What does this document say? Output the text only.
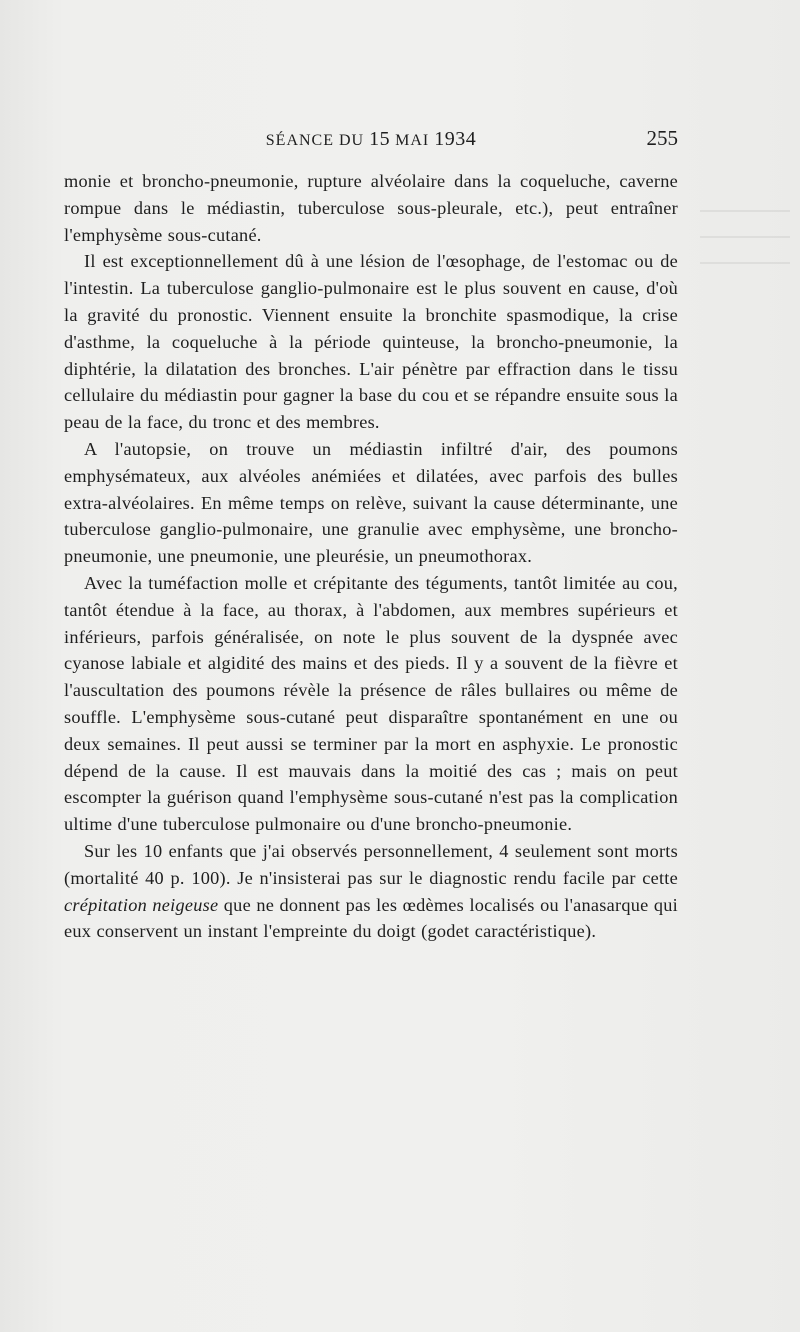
SÉANCE DU 15 MAI 1934	255

monie et broncho-pneumonie, rupture alvéolaire dans la coqueluche, caverne rompue dans le médiastin, tuberculose sous-pleurale, etc.), peut entraîner l'emphysème sous-cutané.

Il est exceptionnellement dû à une lésion de l'œsophage, de l'estomac ou de l'intestin. La tuberculose ganglio-pulmonaire est le plus souvent en cause, d'où la gravité du pronostic. Viennent ensuite la bronchite spasmodique, la crise d'asthme, la coqueluche à la période quinteuse, la broncho-pneumonie, la diphtérie, la dilatation des bronches. L'air pénètre par effraction dans le tissu cellulaire du médiastin pour gagner la base du cou et se répandre ensuite sous la peau de la face, du tronc et des membres.

A l'autopsie, on trouve un médiastin infiltré d'air, des poumons emphysémateux, aux alvéoles anémiées et dilatées, avec parfois des bulles extra-alvéolaires. En même temps on relève, suivant la cause déterminante, une tuberculose ganglio-pulmonaire, une granulie avec emphysème, une broncho-pneumonie, une pneumonie, une pleurésie, un pneumothorax.

Avec la tuméfaction molle et crépitante des téguments, tantôt limitée au cou, tantôt étendue à la face, au thorax, à l'abdomen, aux membres supérieurs et inférieurs, parfois généralisée, on note le plus souvent de la dyspnée avec cyanose labiale et algidité des mains et des pieds. Il y a souvent de la fièvre et l'auscultation des poumons révèle la présence de râles bullaires ou même de souffle. L'emphysème sous-cutané peut disparaître spontanément en une ou deux semaines. Il peut aussi se terminer par la mort en asphyxie. Le pronostic dépend de la cause. Il est mauvais dans la moitié des cas ; mais on peut escompter la guérison quand l'emphysème sous-cutané n'est pas la complication ultime d'une tuberculose pulmonaire ou d'une broncho-pneumonie.

Sur les 10 enfants que j'ai observés personnellement, 4 seulement sont morts (mortalité 40 p. 100). Je n'insisterai pas sur le diagnostic rendu facile par cette crépitation neigeuse que ne donnent pas les œdèmes localisés ou l'anasarque qui eux conservent un instant l'empreinte du doigt (godet caractéristique).
